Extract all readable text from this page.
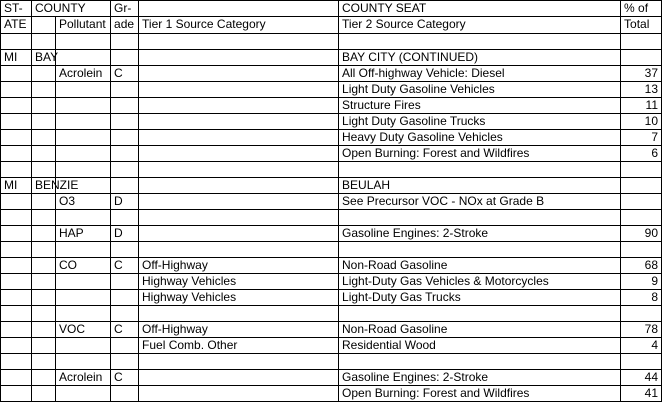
ST-	COUNTY		Gr-		COUNTY SEAT	% of
ATE		Pollutant	ade	Tier 1 Source Category	Tier 2 Source Category	Total

MI	BAY				BAY CITY (CONTINUED)	
		Acrolein	C		All Off-highway Vehicle: Diesel	37
					Light Duty Gasoline Vehicles	13
					Structure Fires	11
					Light Duty Gasoline Trucks	10
					Heavy Duty Gasoline Vehicles	7
					Open Burning: Forest and Wildfires	6

MI	BENZIE				BEULAH	
		O3	D		See Precursor VOC - NOx at Grade B	

		HAP	D		Gasoline Engines: 2-Stroke	90

		CO	C	Off-Highway	Non-Road Gasoline	68
				Highway Vehicles	Light-Duty Gas Vehicles & Motorcycles	9
				Highway Vehicles	Light-Duty Gas Trucks	8

		VOC	C	Off-Highway	Non-Road Gasoline	78
				Fuel Comb. Other	Residential Wood	4

		Acrolein	C		Gasoline Engines: 2-Stroke	44
					Open Burning: Forest and Wildfires	41
